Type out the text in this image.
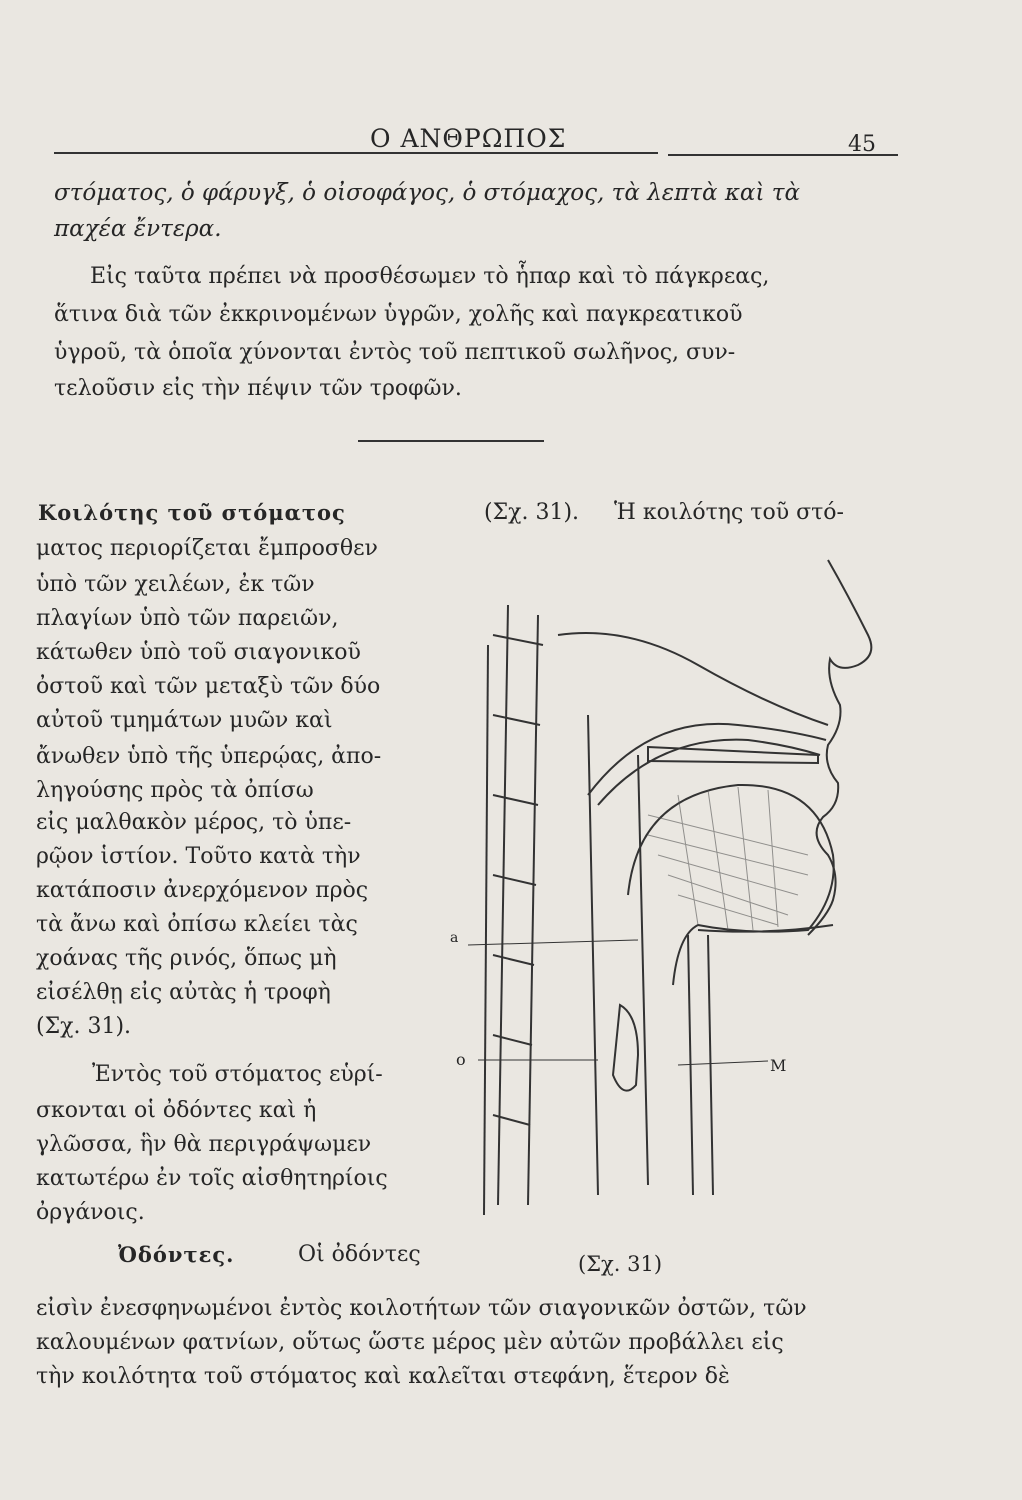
Ο ΑΝΘΡΩΠΟΣ	45
στόματος, ὁ φάρυγξ, ὁ οἰσοφάγος, ὁ στόμαχος, τὰ λεπτὰ καὶ τὰ
παχέα ἔντερα.
Εἰς ταῦτα πρέπει νὰ προσθέσωμεν τὸ ἧπαρ καὶ τὸ πάγκρεας,
ἅτινα διὰ τῶν ἐκκρινομένων ὑγρῶν, χολῆς καὶ παγκρεατικοῦ
ὑγροῦ, τὰ ὁποῖα χύνονται ἐντὸς τοῦ πεπτικοῦ σωλῆνος, συν-
τελοῦσιν εἰς τὴν πέψιν τῶν τροφῶν.
Κοιλότης τοῦ στόματος	(Σχ. 31). Ἡ κοιλότης τοῦ στό-
ματος περιορίζεται ἔμπροσθεν
ὑπὸ τῶν χειλέων, ἐκ τῶν
πλαγίων ὑπὸ τῶν παρειῶν,
κάτωθεν ὑπὸ τοῦ σιαγονικοῦ
ὀστοῦ καὶ τῶν μεταξὺ τῶν δύο
αὐτοῦ τμημάτων μυῶν καὶ
ἄνωθεν ὑπὸ τῆς ὑπερῴας, ἀπο-
ληγούσης πρὸς τὰ ὀπίσω
εἰς μαλθακὸν μέρος, τὸ ὑπε-
ρῷον ἱστίον. Τοῦτο κατὰ τὴν
κατάποσιν ἀνερχόμενον πρὸς
τὰ ἄνω καὶ ὀπίσω κλείει τὰς
χοάνας τῆς ρινός, ὅπως μὴ
εἰσέλθῃ εἰς αὐτὰς ἡ τροφὴ
(Σχ. 31).
Ἐντὸς τοῦ στόματος εὑρί-
σκονται οἱ ὀδόντες καὶ ἡ
γλῶσσα, ἣν θὰ περιγράψωμεν
κατωτέρω ἐν τοῖς αἰσθητηρίοις
ὀργάνοις.
Ὀδόντες.	Οἱ ὀδόντες
εἰσὶν ἐνεσφηνωμένοι ἐντὸς κοιλοτήτων τῶν σιαγονικῶν ὀστῶν, τῶν
καλουμένων φατνίων, οὕτως ὥστε μέρος μὲν αὐτῶν προβάλλει εἰς
τὴν κοιλότητα τοῦ στόματος καὶ καλεῖται στεφάνη, ἕτερον δὲ
a
o	M
(Σχ. 31)
